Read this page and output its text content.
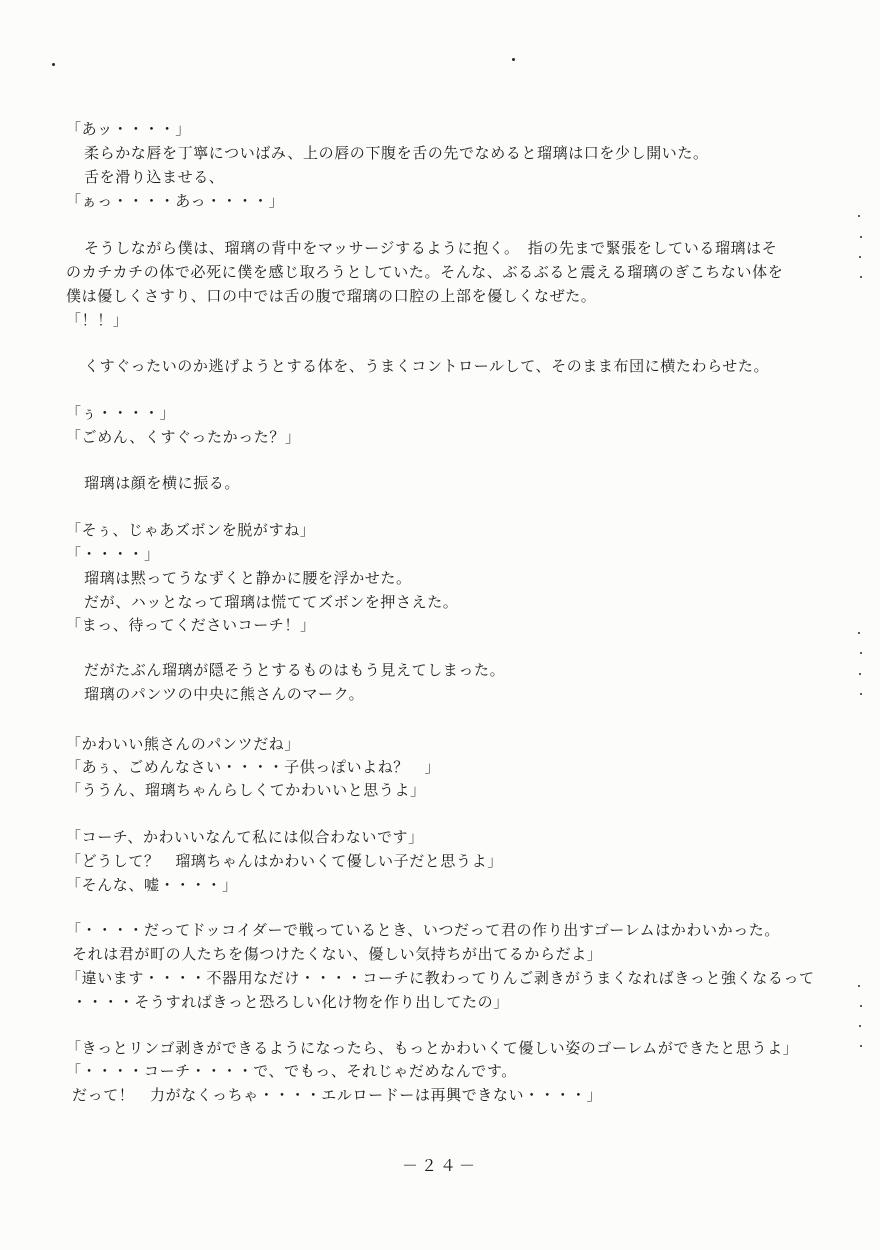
「あッ・・・・」
柔らかな唇を丁寧についばみ、上の唇の下腹を舌の先でなめると瑠璃は口を少し開いた。
舌を滑り込ませる、
「ぁっ・・・・あっ・・・・」
そうしながら僕は、瑠璃の背中をマッサージするように抱く。　指の先まで緊張をしている瑠璃はそ
のカチカチの体で必死に僕を感じ取ろうとしていた。そんな、ぶるぶると震える瑠璃のぎこちない体を
僕は優しくさすり、口の中では舌の腹で瑠璃の口腔の上部を優しくなぜた。
「！！」
くすぐったいのか逃げようとする体を、うまくコントロールして、そのまま布団に横たわらせた。
「ぅ・・・・」
「ごめん、くすぐったかった？」
瑠璃は顔を横に振る。
「そぅ、じゃあズボンを脱がすね」
「・・・・」
瑠璃は黙ってうなずくと静かに腰を浮かせた。
だが、ハッとなって瑠璃は慌ててズボンを押さえた。
「まっ、待ってくださいコーチ！」
だがたぶん瑠璃が隠そうとするものはもう見えてしまった。
瑠璃のパンツの中央に熊さんのマーク。
「かわいい熊さんのパンツだね」
「あぅ、ごめんなさい・・・・子供っぽいよね？　」
「ううん、瑠璃ちゃんらしくてかわいいと思うよ」
「コーチ、かわいいなんて私には似合わないです」
「どうして？　瑠璃ちゃんはかわいくて優しい子だと思うよ」
「そんな、嘘・・・・」
「・・・・だってドッコイダーで戦っているとき、いつだって君の作り出すゴーレムはかわいかった。
それは君が町の人たちを傷つけたくない、優しい気持ちが出てるからだよ」
「違います・・・・不器用なだけ・・・・コーチに教わってりんご剥きがうまくなればきっと強くなるって
・・・・そうすればきっと恐ろしい化け物を作り出してたの」
「きっとリンゴ剥きができるようになったら、もっとかわいくて優しい姿のゴーレムができたと思うよ」
「・・・・コーチ・・・・で、でもっ、それじゃだめなんです。
だって！　力がなくっちゃ・・・・エルロードーは再興できない・・・・」
－２４－
